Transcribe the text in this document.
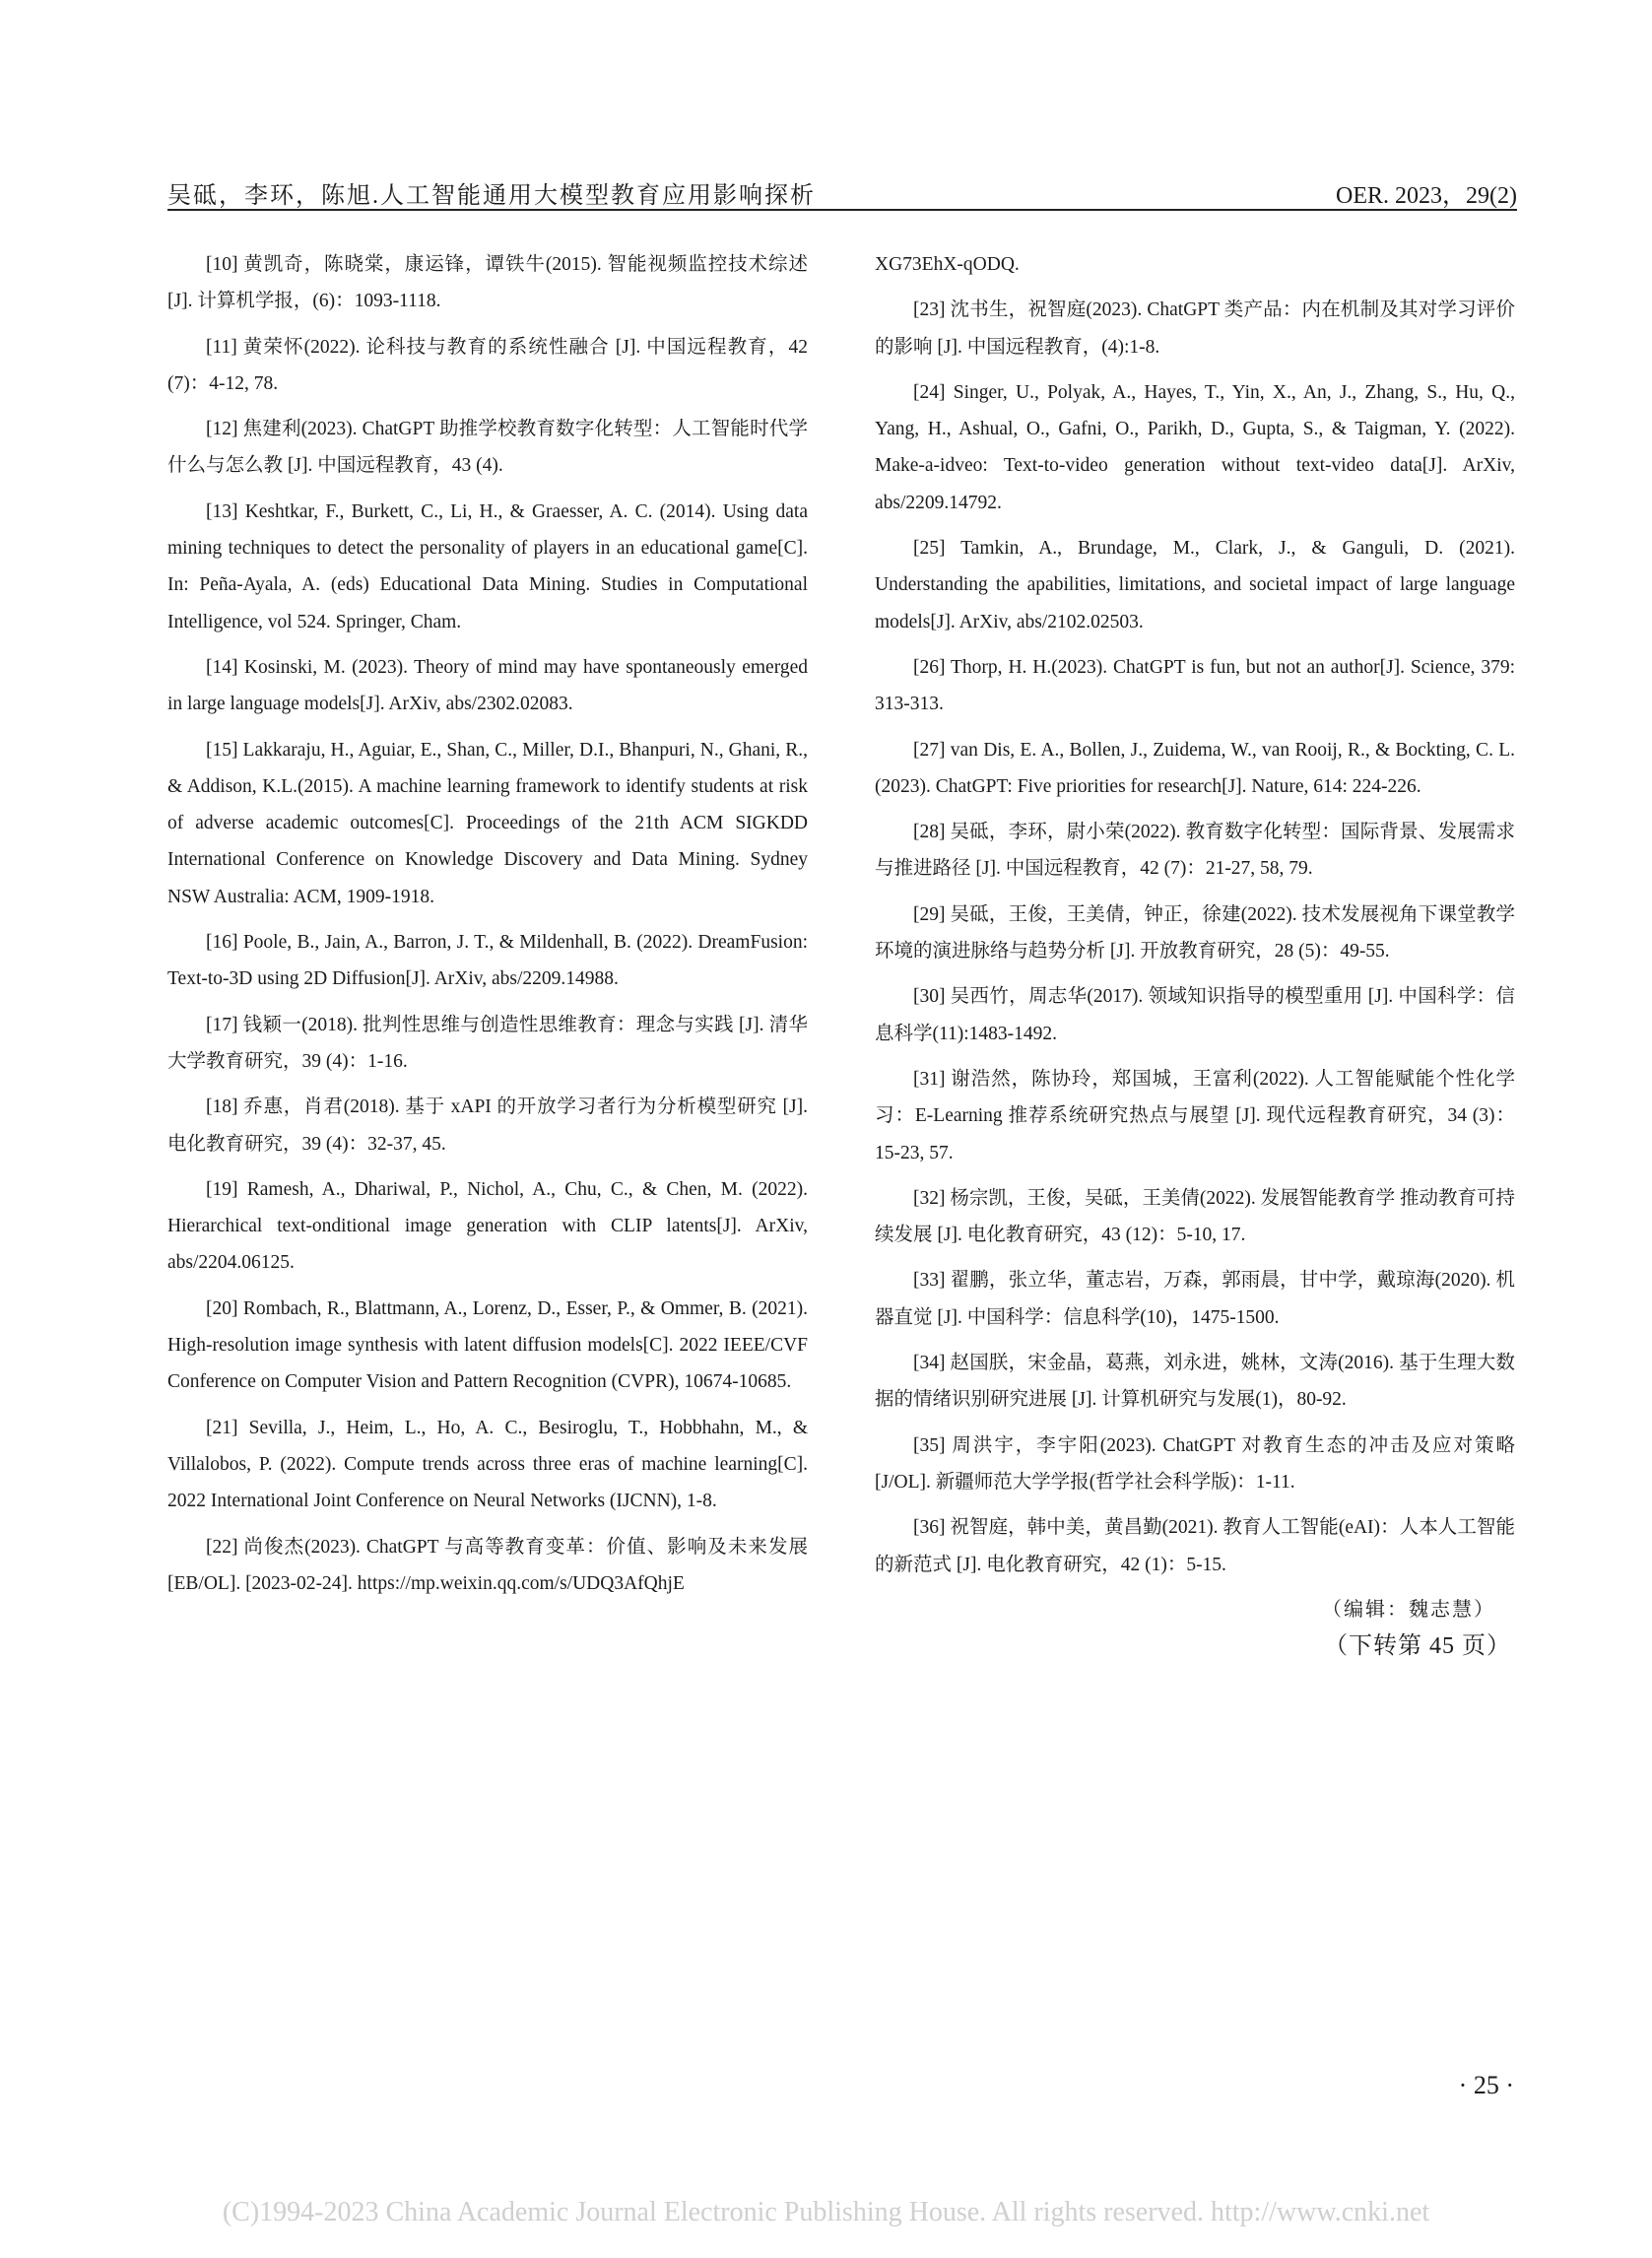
吴砥，李环，陈旭.人工智能通用大模型教育应用影响探析	OER. 2023，29(2)

[10] 黄凯奇，陈晓棠，康运锋，谭铁牛(2015). 智能视频监控技术综述 [J]. 计算机学报，(6)：1093-1118.

[11] 黄荣怀(2022). 论科技与教育的系统性融合 [J]. 中国远程教育，42 (7)：4-12, 78.

[12] 焦建利(2023). ChatGPT 助推学校教育数字化转型：人工智能时代学什么与怎么教 [J]. 中国远程教育，43 (4).

[13] Keshtkar, F., Burkett, C., Li, H., & Graesser, A. C. (2014). Using data mining techniques to detect the personality of players in an educational game[C]. In: Peña-Ayala, A. (eds) Educational Data Mining. Studies in Computational Intelligence, vol 524. Springer, Cham.

[14] Kosinski, M. (2023). Theory of mind may have spontaneously emerged in large language models[J]. ArXiv, abs/2302.02083.

[15] Lakkaraju, H., Aguiar, E., Shan, C., Miller, D.I., Bhanpuri, N., Ghani, R., & Addison, K.L.(2015). A machine learning framework to identify students at risk of adverse academic outcomes[C]. Proceedings of the 21th ACM SIGKDD International Conference on Knowledge Discovery and Data Mining. Sydney NSW Australia: ACM, 1909-1918.

[16] Poole, B., Jain, A., Barron, J. T., & Mildenhall, B. (2022). DreamFusion: Text-to-3D using 2D Diffusion[J]. ArXiv, abs/2209.14988.

[17] 钱颖一(2018). 批判性思维与创造性思维教育：理念与实践 [J]. 清华大学教育研究，39 (4)：1-16.

[18] 乔惠，肖君(2018). 基于 xAPI 的开放学习者行为分析模型研究 [J]. 电化教育研究，39 (4)：32-37, 45.

[19] Ramesh, A., Dhariwal, P., Nichol, A., Chu, C., & Chen, M. (2022). Hierarchical text-onditional image generation with CLIP latents[J]. ArXiv, abs/2204.06125.

[20] Rombach, R., Blattmann, A., Lorenz, D., Esser, P., & Ommer, B. (2021). High-resolution image synthesis with latent diffusion models[C]. 2022 IEEE/CVF Conference on Computer Vision and Pattern Recognition (CVPR), 10674-10685.

[21] Sevilla, J., Heim, L., Ho, A. C., Besiroglu, T., Hobbhahn, M., & Villalobos, P. (2022). Compute trends across three eras of machine learning[C]. 2022 International Joint Conference on Neural Networks (IJCNN), 1-8.

[22] 尚俊杰(2023). ChatGPT 与高等教育变革：价值、影响及未来发展 [EB/OL]. [2023-02-24]. https://mp.weixin.qq.com/s/UDQ3AfQhjE

XG73EhX-qODQ.

[23] 沈书生，祝智庭(2023). ChatGPT 类产品：内在机制及其对学习评价的影响 [J]. 中国远程教育，(4):1-8.

[24] Singer, U., Polyak, A., Hayes, T., Yin, X., An, J., Zhang, S., Hu, Q., Yang, H., Ashual, O., Gafni, O., Parikh, D., Gupta, S., & Taigman, Y. (2022). Make-a-idveo: Text-to-video generation without text-video data[J]. ArXiv, abs/2209.14792.

[25] Tamkin, A., Brundage, M., Clark, J., & Ganguli, D. (2021). Understanding the apabilities, limitations, and societal impact of large language models[J]. ArXiv, abs/2102.02503.

[26] Thorp, H. H.(2023). ChatGPT is fun, but not an author[J]. Science, 379: 313-313.

[27] van Dis, E. A., Bollen, J., Zuidema, W., van Rooij, R., & Bockting, C. L.(2023). ChatGPT: Five priorities for research[J]. Nature, 614: 224-226.

[28] 吴砥，李环，尉小荣(2022). 教育数字化转型：国际背景、发展需求与推进路径 [J]. 中国远程教育，42 (7)：21-27, 58, 79.

[29] 吴砥，王俊，王美倩，钟正，徐建(2022). 技术发展视角下课堂教学环境的演进脉络与趋势分析 [J]. 开放教育研究，28 (5)：49-55.

[30] 吴西竹，周志华(2017). 领域知识指导的模型重用 [J]. 中国科学：信息科学(11):1483-1492.

[31] 谢浩然，陈协玲，郑国城，王富利(2022). 人工智能赋能个性化学习：E-Learning 推荐系统研究热点与展望 [J]. 现代远程教育研究，34 (3)：15-23, 57.

[32] 杨宗凯，王俊，吴砥，王美倩(2022). 发展智能教育学 推动教育可持续发展 [J]. 电化教育研究，43 (12)：5-10, 17.

[33] 翟鹏，张立华，董志岩，万森，郭雨晨，甘中学，戴琼海(2020). 机器直觉 [J]. 中国科学：信息科学(10)，1475-1500.

[34] 赵国朕，宋金晶，葛燕，刘永进，姚林，文涛(2016). 基于生理大数据的情绪识别研究进展 [J]. 计算机研究与发展(1)，80-92.

[35] 周洪宇，李宇阳(2023). ChatGPT 对教育生态的冲击及应对策略 [J/OL]. 新疆师范大学学报(哲学社会科学版)：1-11.

[36] 祝智庭，韩中美，黄昌勤(2021). 教育人工智能(eAI)：人本人工智能的新范式 [J]. 电化教育研究，42 (1)：5-15.

（编辑：魏志慧）
（下转第 45 页）
· 25 ·
(C)1994-2023 China Academic Journal Electronic Publishing House. All rights reserved. http://www.cnki.net
